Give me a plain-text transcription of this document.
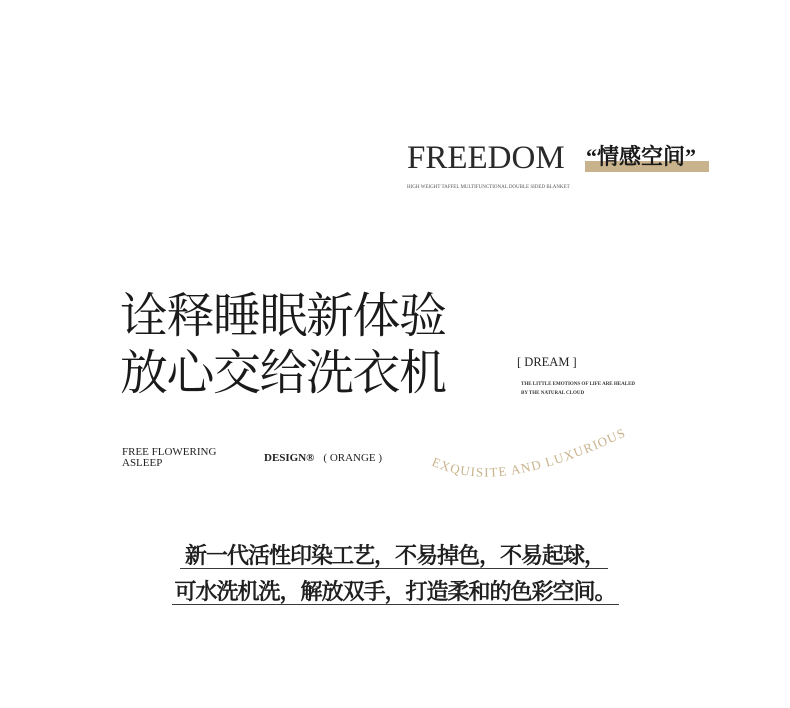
FREEDOM “情感空间”
HIGH WEIGHT TAFFEL MULTIFUNCTIONAL DOUBLE SIDED BLANKET
诠释睡眠新体验
放心交给洗衣机	[ DREAM ]
THE LITTLE EMOTIONS OF LIFE ARE HEALED
BY THE NATURAL CLOUD
FREE FLOWERING
ASLEEP	DESIGN® ( ORANGE )	EXQUISITE AND LUXURIOUS
新一代活性印染工艺，不易掉色，不易起球，
可水洗机洗，解放双手，打造柔和的色彩空间。
